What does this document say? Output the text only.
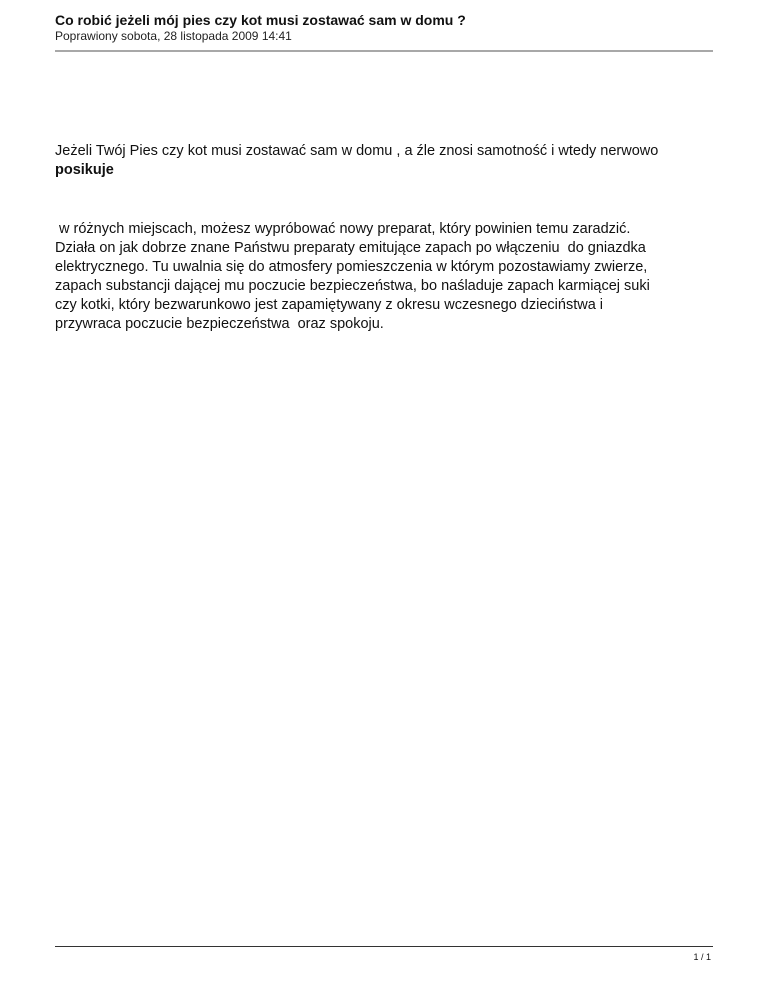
Co robić jeżeli mój pies czy kot musi zostawać sam w domu ?
Poprawiony sobota, 28 listopada 2009 14:41
Jeżeli Twój Pies czy kot musi zostawać sam w domu , a źle znosi samotność i wtedy nerwowo
posikuje
w różnych miejscach, możesz wypróbować nowy preparat, który powinien temu zaradzić.
Działa on jak dobrze znane Państwu preparaty emitujące zapach po włączeniu  do gniazdka
elektrycznego. Tu uwalnia się do atmosfery pomieszczenia w którym pozostawiamy zwierze,
zapach substancji dającej mu poczucie bezpieczeństwa, bo naśladuje zapach karmiącej suki
czy kotki, który bezwarunkowo jest zapamiętywany z okresu wczesnego dzieciństwa i
przywraca poczucie bezpieczeństwa  oraz spokoju.
1 / 1
